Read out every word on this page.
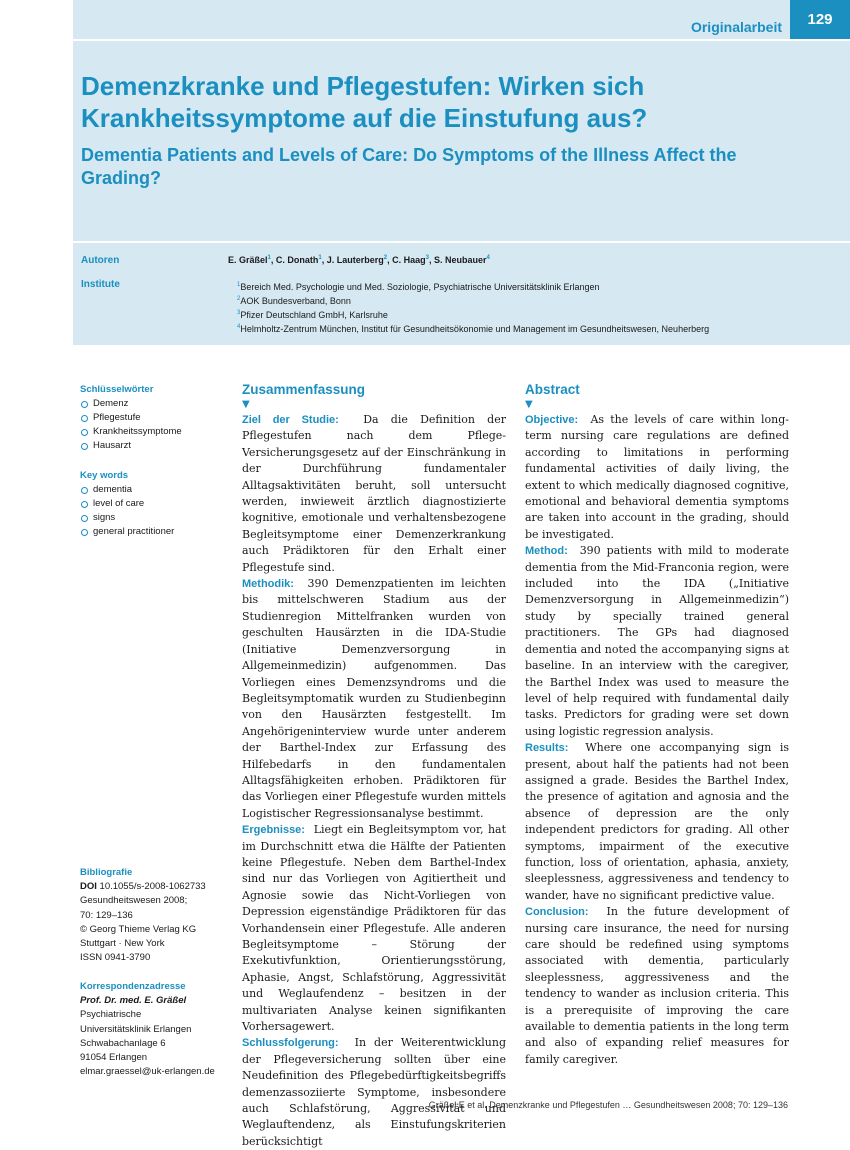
Originalarbeit	129
Demenzkranke und Pflegestufen: Wirken sich Krankheitssymptome auf die Einstufung aus?
Dementia Patients and Levels of Care: Do Symptoms of the Illness Affect the Grading?
Autoren	E. Gräßel$^1$, C. Donath$^1$, J. Lauterberg$^2$, C. Haag$^3$, S. Neubauer$^4$
Institute	$^1$Bereich Med. Psychologie und Med. Soziologie, Psychiatrische Universitätsklinik Erlangen
$^2$AOK Bundesverband, Bonn
$^3$Pfizer Deutschland GmbH, Karlsruhe
$^4$Helmholtz-Zentrum München, Institut für Gesundheitsökonomie und Management im Gesundheitswesen, Neuherberg

Schlüsselwörter

Demenz
Pflegestufe
Krankheitssymptome
Hausarzt

Key words

dementia
level of care
signs
general practitioner

Bibliografie

DOI 10.1055/s-2008-1062733

Gesundheitswesen 2008;

70: 129–136

© Georg Thieme Verlag KG

Stuttgart · New York

ISSN 0941-3790

Korrespondenzadresse

Prof. Dr. med. E. Gräßel

Psychiatrische

Universitätsklinik Erlangen

Schwabachanlage 6

91054 Erlangen

elmar.graessel@uk-erlangen.de

Zusammenfassung
▼

Ziel der Studie: Da die Definition der Pflegestufen nach dem Pflege-Versicherungsgesetz auf der Einschränkung in der Durchführung fundamentaler Alltagsaktivitäten beruht, soll untersucht werden, inwieweit ärztlich diagnostizierte kognitive, emotionale und verhaltensbezogene Begleitsymptome einer Demenzerkrankung auch Prädiktoren für den Erhalt einer Pflegestufe sind.

Methodik: 390 Demenzpatienten im leichten bis mittelschweren Stadium aus der Studienregion Mittelfranken wurden von geschulten Hausärzten in die IDA-Studie (Initiative Demenzversorgung in Allgemeinmedizin) aufgenommen. Das Vorliegen eines Demenzsyndroms und die Begleitsymptomatik wurden zu Studienbeginn von den Hausärzten festgestellt. Im Angehörigeninterview wurde unter anderem der Barthel-Index zur Erfassung des Hilfebedarfs in den fundamentalen Alltagsfähigkeiten erhoben. Prädiktoren für das Vorliegen einer Pflegestufe wurden mittels Logistischer Regressionsanalyse bestimmt.

Ergebnisse: Liegt ein Begleitsymptom vor, hat im Durchschnitt etwa die Hälfte der Patienten keine Pflegestufe. Neben dem Barthel-Index sind nur das Vorliegen von Agitiertheit und Agnosie sowie das Nicht-Vorliegen von Depression eigenständige Prädiktoren für das Vorhandensein einer Pflegestufe. Alle anderen Begleitsymptome – Störung der Exekutivfunktion, Orientierungsstörung, Aphasie, Angst, Schlafstörung, Aggressivität und Weglaufendenz – besitzen in der multivariaten Analyse keinen signifikanten Vorhersagewert.

Schlussfolgerung: In der Weiterentwicklung der Pflegeversicherung sollten über eine Neudefinition des Pflegebedürftigkeitsbegriffs demenzassoziierte Symptome, insbesondere auch Schlafstörung, Aggressivität und Weglauftendenz, als Einstufungskriterien berücksichtigt

Abstract
▼

Objective: As the levels of care within long-term nursing care regulations are defined according to limitations in performing fundamental activities of daily living, the extent to which medically diagnosed cognitive, emotional and behavioral dementia symptoms are taken into account in the grading, should be investigated.

Method: 390 patients with mild to moderate dementia from the Mid-Franconia region, were included into the IDA („Initiative Demenzversorgung in Allgemeinmedizin“) study by specially trained general practitioners. The GPs had diagnosed dementia and noted the accompanying signs at baseline. In an interview with the caregiver, the Barthel Index was used to measure the level of help required with fundamental daily tasks. Predictors for grading were set down using logistic regression analysis.

Results: Where one accompanying sign is present, about half the patients had not been assigned a grade. Besides the Barthel Index, the presence of agitation and agnosia and the absence of depression are the only independent predictors for grading. All other symptoms, impairment of the executive function, loss of orientation, aphasia, anxiety, sleeplessness, aggressiveness and tendency to wander, have no significant predictive value.

Conclusion: In the future development of nursing care insurance, the need for nursing care should be redefined using symptoms associated with dementia, particularly sleeplessness, aggressiveness and the tendency to wander as inclusion criteria. This is a prerequisite of improving the care available to dementia patients in the long term and also of expanding relief measures for family caregiver.

Gräßel E et al. Demenzkranke und Pflegestufen … Gesundheitswesen 2008; 70: 129–136
